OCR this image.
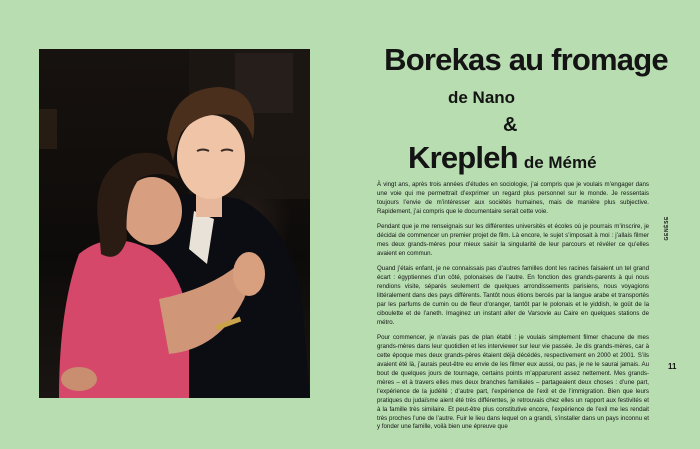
Borekas au fromage
de Nano
&
Krepleh de Mémé

À vingt ans, après trois années d’études en sociologie, j’ai compris que je voulais m’engager dans une voie qui me permettrait d’exprimer un regard plus personnel sur le monde. Je ressentais toujours l’envie de m’intéresser aux sociétés humaines, mais de manière plus subjective. Rapidement, j’ai compris que le documentaire serait cette voie.

Pendant que je me renseignais sur les différentes universités et écoles où je pourrais m’inscrire, je décidai de commencer un premier projet de film. Là encore, le sujet s’imposait à moi : j’allais filmer mes deux grands-mères pour mieux saisir la singularité de leur parcours et révéler ce qu’elles avaient en commun.

Quand j’étais enfant, je ne connaissais pas d’autres familles dont les racines faisaient un tel grand écart : égyptiennes d’un côté, polonaises de l’autre. En fonction des grands-parents à qui nous rendions visite, séparés seulement de quelques arrondissements parisiens, nous voyagions littéralement dans des pays différents. Tantôt nous étions bercés par la langue arabe et transportés par les parfums de cumin ou de fleur d’oranger, tantôt par le polonais et le yiddish, le goût de la ciboulette et de l’aneth. Imaginez un instant aller de Varsovie au Caire en quelques stations de métro.

Pour commencer, je n’avais pas de plan établi : je voulais simplement filmer chacune de mes grands-mères dans leur quotidien et les interviewer sur leur vie passée. Je dis grands-mères, car à cette époque mes deux grands-pères étaient déjà décédés, respectivement en 2000 et 2001. S’ils avaient été là, j’aurais peut-être eu envie de les filmer eux aussi, ou pas, je ne le saurai jamais. Au bout de quelques jours de tournage, certains points m’apparurent assez nettement. Mes grands-mères – et à travers elles mes deux branches familiales – partageaient deux choses : d’une part, l’expérience de la judéité ; d’autre part, l’expérience de l’exil et de l’immigration. Bien que leurs pratiques du judaïsme aient été très différentes, je retrouvais chez elles un rapport aux festivités et à la famille très similaire. Et peut-être plus constitutive encore, l’expérience de l’exil me les rendait très proches l’une de l’autre. Fuir le lieu dans lequel on a grandi, s’installer dans un pays inconnu et y fonder une famille, voilà bien une épreuve que

GENÈSE
11
